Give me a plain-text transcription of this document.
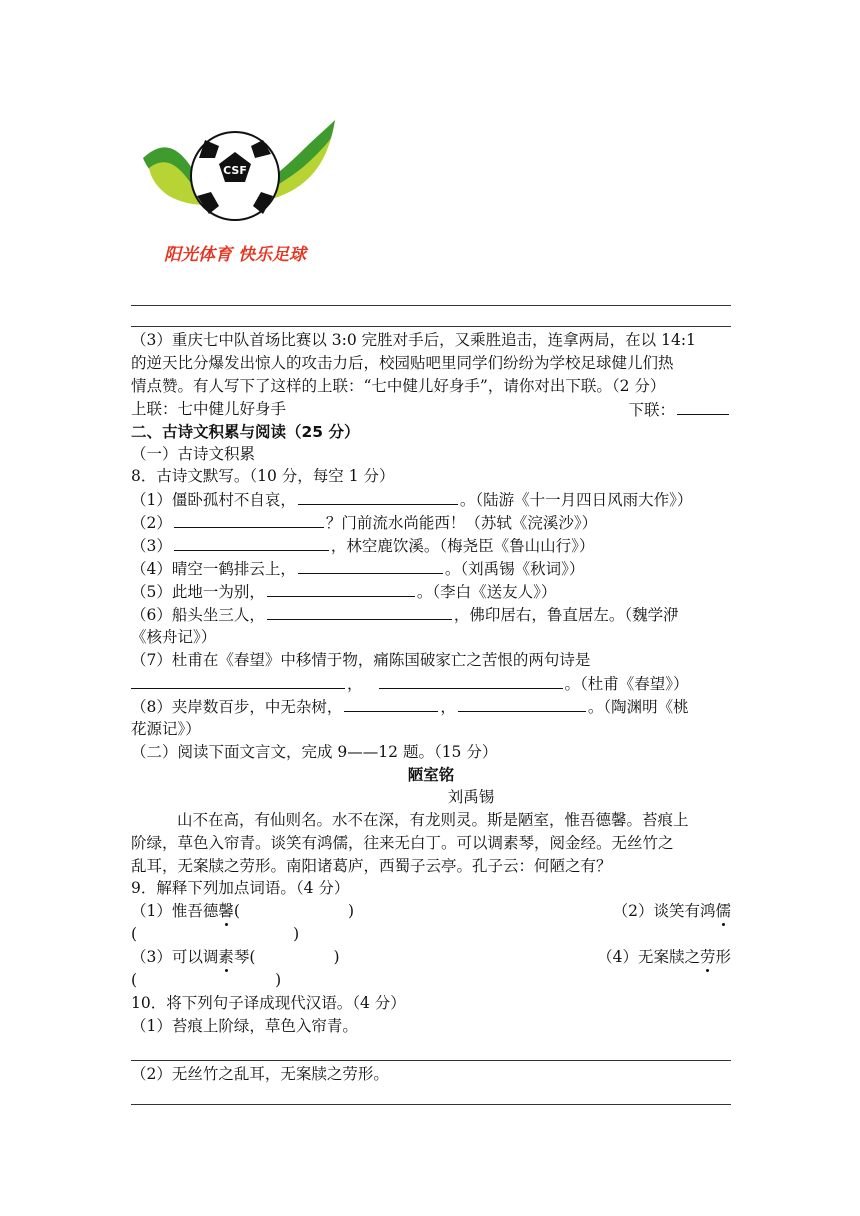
CSF
阳光体育 快乐足球
（3）重庆七中队首场比赛以 3:0 完胜对手后，又乘胜追击，连拿两局，在以 14:1
的逆天比分爆发出惊人的攻击力后，校园贴吧里同学们纷纷为学校足球健儿们热
情点赞。有人写下了这样的上联：“七中健儿好身手”，请你对出下联。（2 分）
上联：七中健儿好身手	下联：
二、古诗文积累与阅读（25 分）
（一）古诗文积累
8．古诗文默写。（10 分，每空 1 分）
（1）僵卧孤村不自哀，	。（陆游《十一月四日风雨大作》）
（2）	？门前流水尚能西！（苏轼《浣溪沙》）
（3）	，林空鹿饮溪。（梅尧臣《鲁山山行》）
（4）晴空一鹤排云上，	。（刘禹锡《秋词》）
（5）此地一为别，	。（李白《送友人》）
（6）船头坐三人，	，佛印居右，鲁直居左。（魏学洢
《核舟记》）
（7）杜甫在《春望》中移情于物，痛陈国破家亡之苦恨的两句诗是
，	。（杜甫《春望》）
（8）夹岸数百步，中无杂树，	，	。（陶渊明《桃
花源记》）
（二）阅读下面文言文，完成 9——12 题。（15 分）
陋室铭
刘禹锡
山不在高，有仙则名。水不在深，有龙则灵。斯是陋室，惟吾德馨。苔痕上
阶绿，草色入帘青。谈笑有鸿儒，往来无白丁。可以调素琴，阅金经。无丝竹之
乱耳，无案牍之劳形。南阳诸葛庐，西蜀子云亭。孔子云：何陋之有？
9．解释下列加点词语。（4 分）
（1）惟吾德馨(	)	（2）谈笑有鸿儒
(	)
（3）可以调素琴(	)	（4）无案牍之劳形
(	)
10．将下列句子译成现代汉语。（4 分）
（1）苔痕上阶绿，草色入帘青。
（2）无丝竹之乱耳，无案牍之劳形。
